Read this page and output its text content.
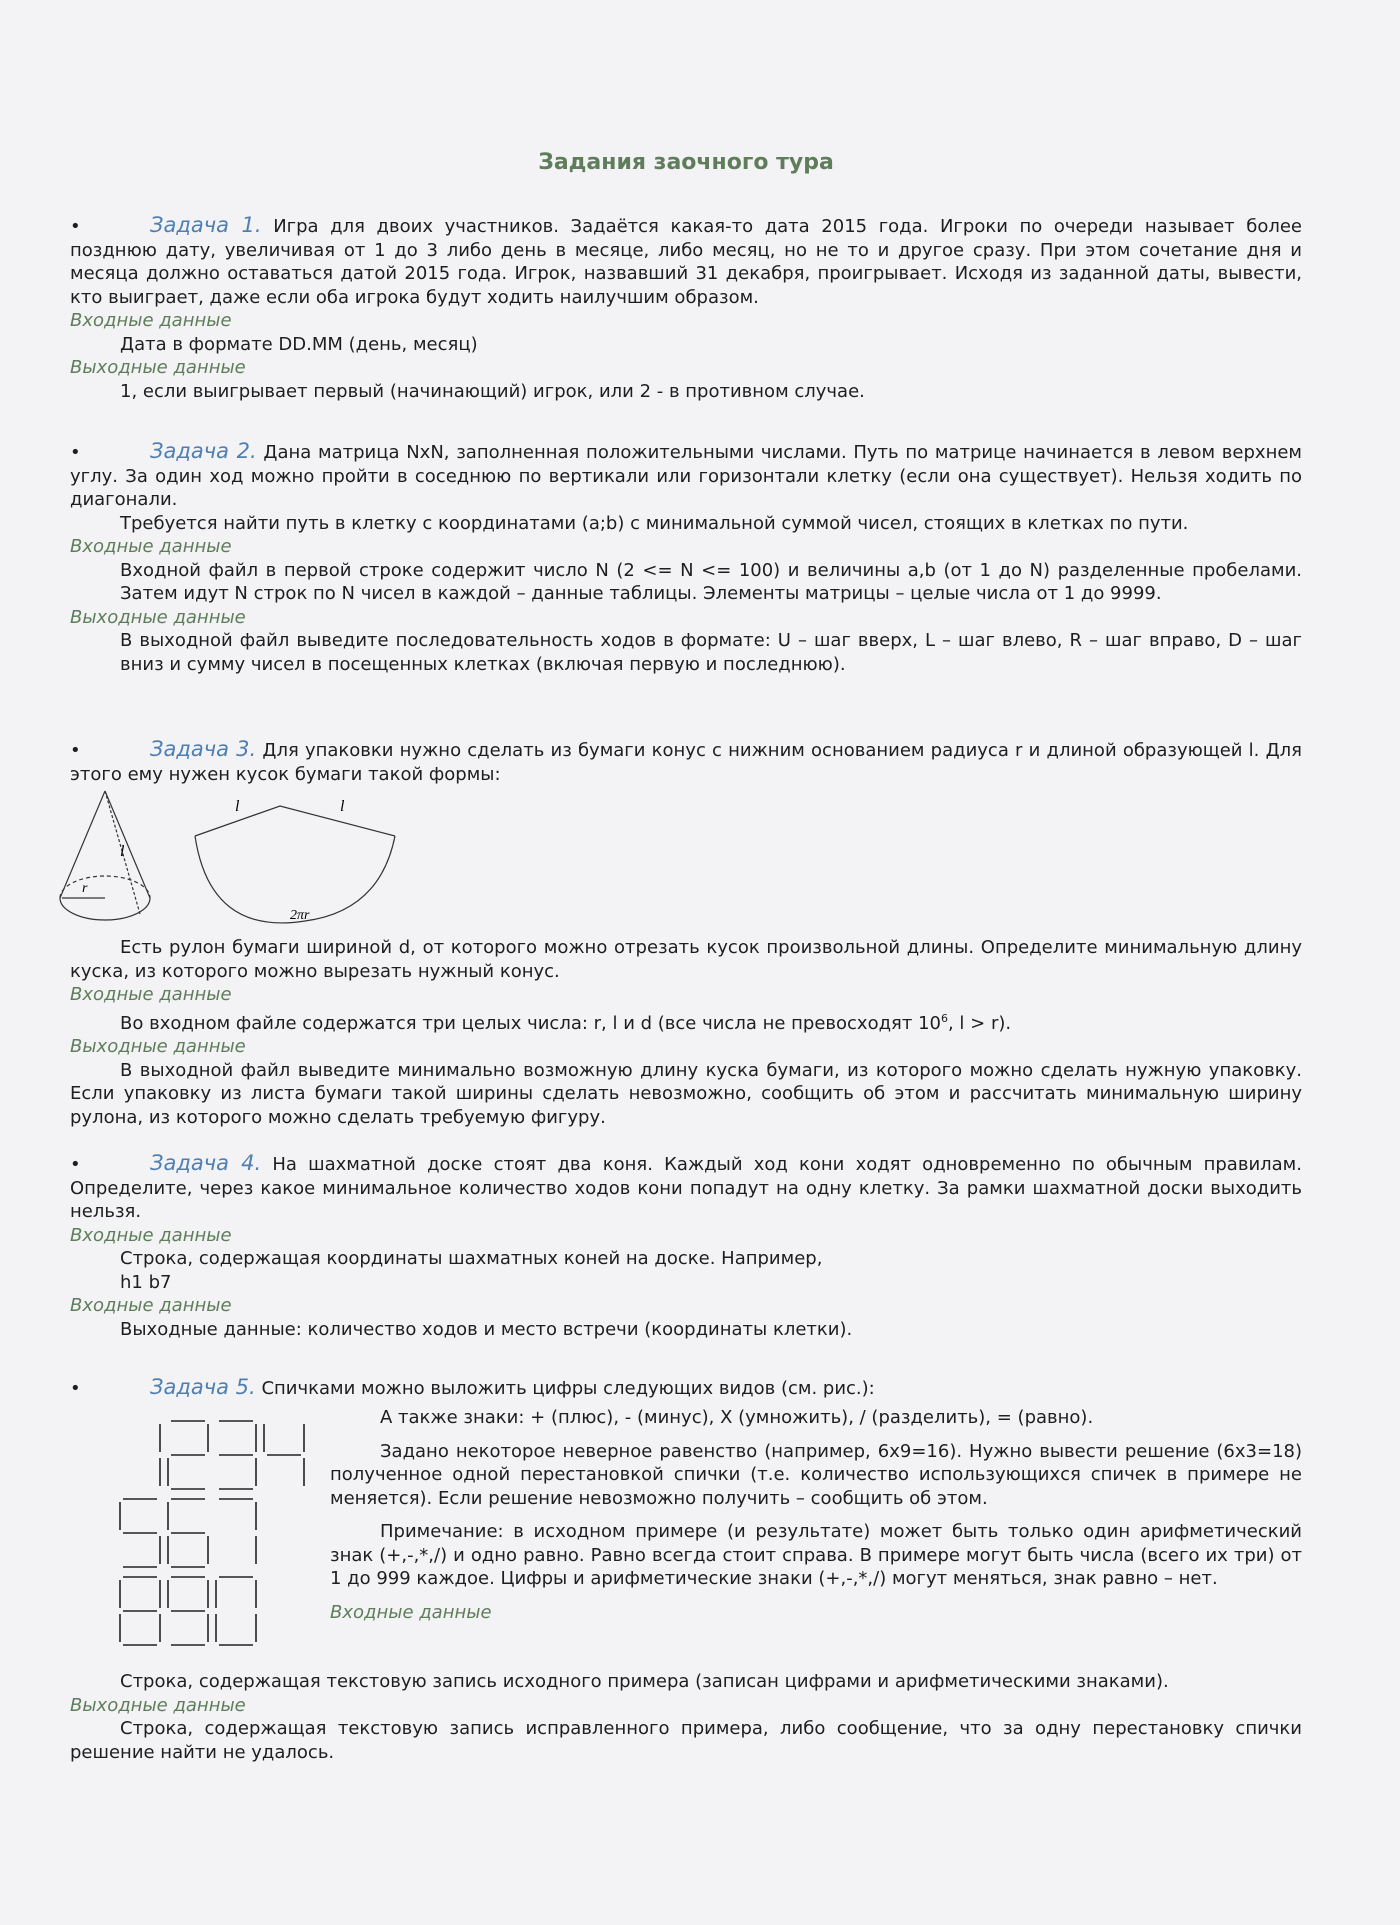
Задания заочного тура

•	Задача 1. Игра для двоих участников. Задаётся какая-то дата 2015 года. Игроки по очереди называет более позднюю дату, увеличивая от 1 до 3 либо день в месяце, либо месяц, но не то и другое сразу. При этом сочетание дня и месяца должно оставаться датой 2015 года. Игрок, назвавший 31 декабря, проигрывает. Исходя из заданной даты, вывести, кто выиграет, даже если оба игрока будут ходить наилучшим образом.

Входные данные

Дата в формате DD.MM (день, месяц)

Выходные данные

1, если выигрывает первый (начинающий) игрок, или 2 - в противном случае.

•	Задача 2. Дана матрица NxN, заполненная положительными числами. Путь по матрице начинается в левом верхнем углу. За один ход можно пройти в соседнюю по вертикали или горизонтали клетку (если она существует). Нельзя ходить по диагонали.

Требуется найти путь в клетку с координатами (a;b) с минимальной суммой чисел, стоящих в клетках по пути.

Входные данные

Входной файл в первой строке содержит число N (2 <= N <= 100) и величины a,b (от 1 до N) разделенные пробелами. Затем идут N строк по N чисел в каждой – данные таблицы. Элементы матрицы – целые числа от 1 до 9999.

Выходные данные

В выходной файл выведите последовательность ходов в формате: U – шаг вверх, L – шаг влево, R – шаг вправо, D – шаг вниз и сумму чисел в посещенных клетках (включая первую и последнюю).

•	Задача 3. Для упаковки нужно сделать из бумаги конус с нижним основанием радиуса r и длиной образующей l. Для этого ему нужен кусок бумаги такой формы:

l
r
l	l
2πr

Есть рулон бумаги шириной d, от которого можно отрезать кусок произвольной длины. Определите минимальную длину куска, из которого можно вырезать нужный конус.

Входные данные

Во входном файле содержатся три целых числа: r, l и d (все числа не превосходят $10^6$, l > r).

Выходные данные

В выходной файл выведите минимально возможную длину куска бумаги, из которого можно сделать нужную упаковку. Если упаковку из листа бумаги такой ширины сделать невозможно, сообщить об этом и рассчитать минимальную ширину рулона, из которого можно сделать требуемую фигуру.

•	Задача 4. На шахматной доске стоят два коня. Каждый ход кони ходят одновременно по обычным правилам. Определите, через какое минимальное количество ходов кони попадут на одну клетку. За рамки шахматной доски выходить нельзя.

Входные данные

Строка, содержащая координаты шахматных коней на доске. Например,

h1 b7

Входные данные

Выходные данные: количество ходов и место встречи (координаты клетки).

•	Задача 5. Спичками можно выложить цифры следующих видов (см. рис.):

А также знаки: + (плюс), - (минус), X (умножить), / (разделить), = (равно).

Задано некоторое неверное равенство (например, 6x9=16). Нужно вывести решение (6x3=18) полученное одной перестановкой спички (т.е. количество использующихся спичек в примере не меняется). Если решение невозможно получить – сообщить об этом.

Примечание: в исходном примере (и результате) может быть только один арифметический знак (+,-,*,/) и одно равно. Равно всегда стоит справа. В примере могут быть числа (всего их три) от 1 до 999 каждое. Цифры и арифметические знаки (+,-,*,/) могут меняться, знак равно – нет.

Входные данные

Строка, содержащая текстовую запись исходного примера (записан цифрами и арифметическими знаками).

Выходные данные

Строка, содержащая текстовую запись исправленного примера, либо сообщение, что за одну перестановку спички решение найти не удалось.
